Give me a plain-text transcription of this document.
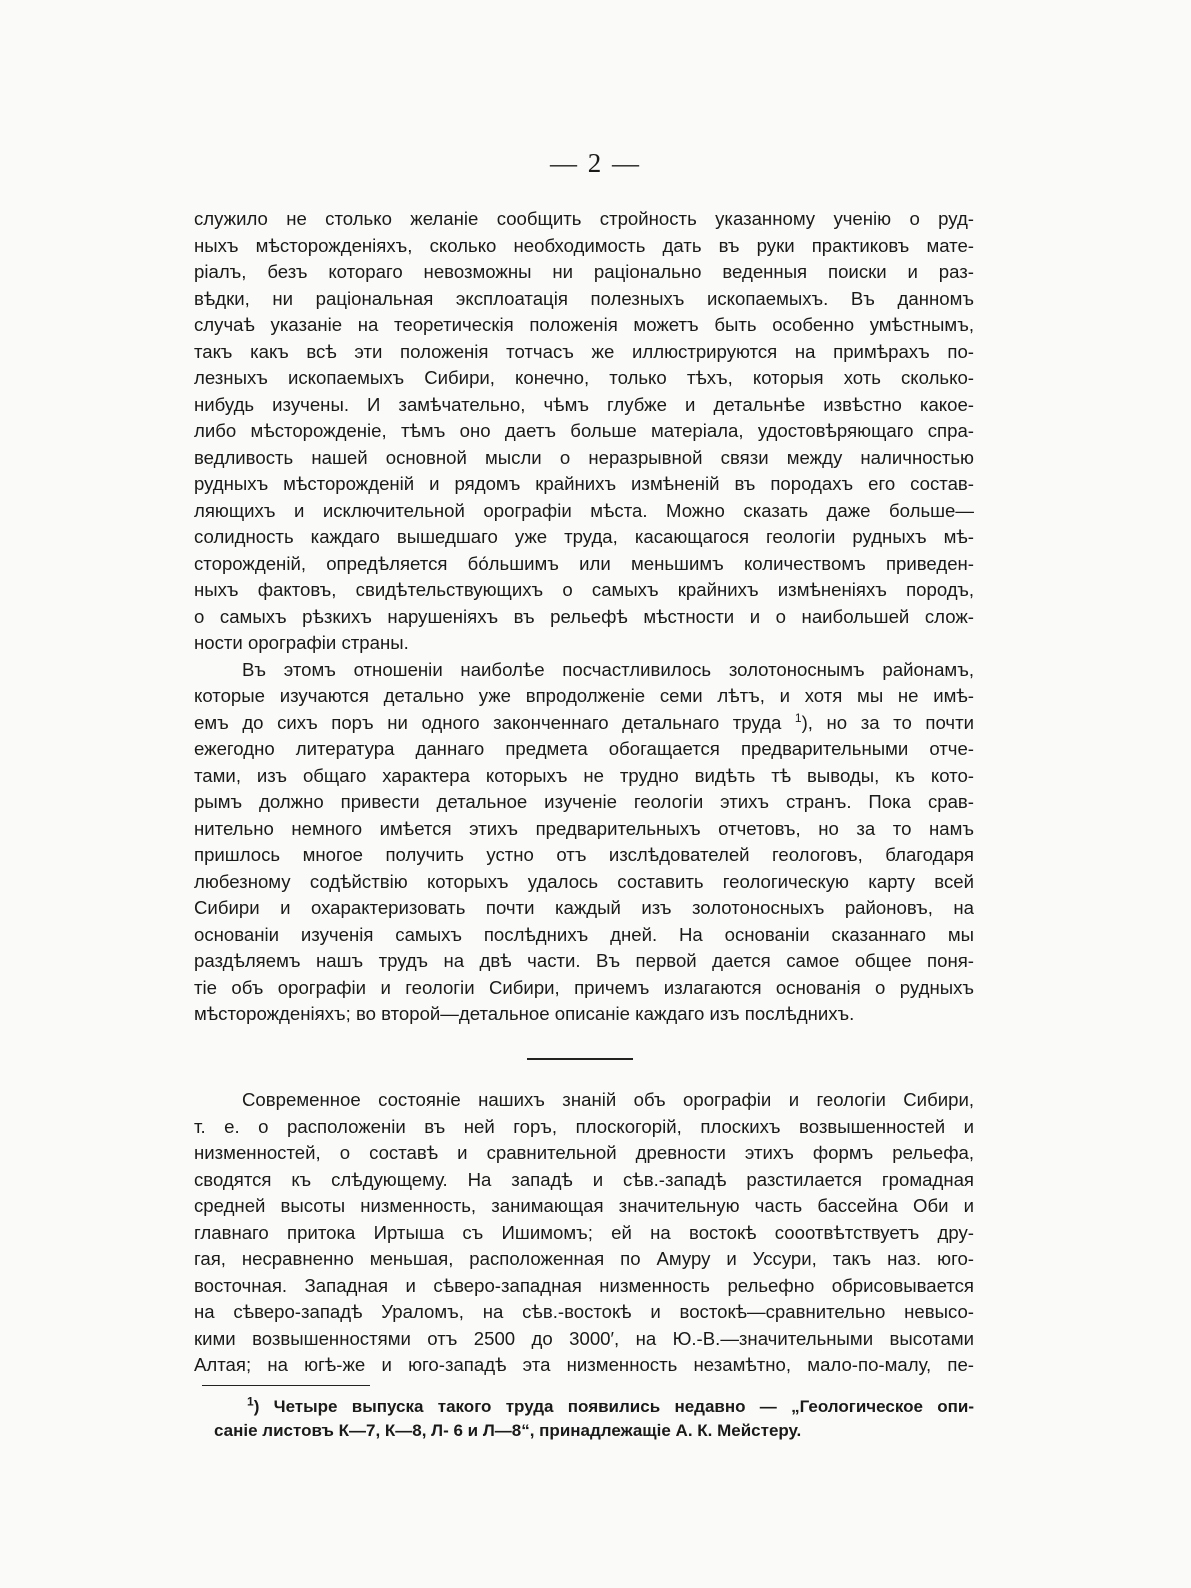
— 2 —
служило не столько желаніе сообщить стройность указанному ученію о руд-
ныхъ мѣсторожденіяхъ, сколько необходимость дать въ руки практиковъ мате-
ріалъ, безъ котораго невозможны ни раціонально веденныя поиски и раз-
вѣдки, ни раціональная эксплоатація полезныхъ ископаемыхъ. Въ данномъ
случаѣ указаніе на теоретическія положенія можетъ быть особенно умѣстнымъ,
такъ какъ всѣ эти положенія тотчасъ же иллюстрируются на примѣрахъ по-
лезныхъ ископаемыхъ Сибири, конечно, только тѣхъ, которыя хоть сколько-
нибудь изучены. И замѣчательно, чѣмъ глубже и детальнѣе извѣстно какое-
либо мѣсторожденіе, тѣмъ оно даетъ больше матеріала, удостовѣряющаго спра-
ведливость нашей основной мысли о неразрывной связи между наличностью
рудныхъ мѣсторожденій и рядомъ крайнихъ измѣненій въ породахъ его состав-
ляющихъ и исключительной орографіи мѣста. Можно сказать даже больше—
солидность каждаго вышедшаго уже труда, касающагося геологіи рудныхъ мѣ-
сторожденій, опредѣляется бо́льшимъ или меньшимъ количествомъ приведен-
ныхъ фактовъ, свидѣтельствующихъ о самыхъ крайнихъ измѣненіяхъ породъ,
о самыхъ рѣзкихъ нарушеніяхъ въ рельефѣ мѣстности и о наибольшей слож-
ности орографіи страны.
Въ этомъ отношеніи наиболѣе посчастливилось золотоноснымъ районамъ,
которые изучаются детально уже впродолженіе семи лѣтъ, и хотя мы не имѣ-
емъ до сихъ поръ ни одного законченнаго детальнаго труда $^1$), но за то почти
ежегодно литература даннаго предмета обогащается предварительными отче-
тами, изъ общаго характера которыхъ не трудно видѣть тѣ выводы, къ кото-
рымъ должно привести детальное изученіе геологіи этихъ странъ. Пока срав-
нительно немного имѣется этихъ предварительныхъ отчетовъ, но за то намъ
пришлось многое получить устно отъ изслѣдователей геологовъ, благодаря
любезному содѣйствію которыхъ удалось составить геологическую карту всей
Сибири и охарактеризовать почти каждый изъ золотоносныхъ районовъ, на
основаніи изученія самыхъ послѣднихъ дней. На основаніи сказаннаго мы
раздѣляемъ нашъ трудъ на двѣ части. Въ первой дается самое общее поня-
тіе объ орографіи и геологіи Сибири, причемъ излагаются основанія о рудныхъ
мѣсторожденіяхъ; во второй—детальное описаніе каждаго изъ послѣднихъ.
Современное состояніе нашихъ знаній объ орографіи и геологіи Сибири,
т. е. о расположеніи въ ней горъ, плоскогорій, плоскихъ возвышенностей и
низменностей, о составѣ и сравнительной древности этихъ формъ рельефа,
сводятся къ слѣдующему. На западѣ и сѣв.-западѣ разстилается громадная
средней высоты низменность, занимающая значительную часть бассейна Оби и
главнаго притока Иртыша съ Ишимомъ; ей на востокѣ сооотвѣтствуетъ дру-
гая, несравненно меньшая, расположенная по Амуру и Уссури, такъ наз. юго-
восточная. Западная и сѣверо-западная низменность рельефно обрисовывается
на сѣверо-западѣ Ураломъ, на сѣв.-востокѣ и востокѣ—сравнительно невысо-
кими возвышенностями отъ 2500 до 3000′, на Ю.-В.—значительными высотами
Алтая; на югѣ-же и юго-западѣ эта низменность незамѣтно, мало-по-малу, пе-
$^1$) Четыре выпуска такого труда появились недавно — „Геологическое опи-
саніе листовъ К—7, К—8, Л- 6 и Л—8“, принадлежащіе А. К. Мейстеру.
